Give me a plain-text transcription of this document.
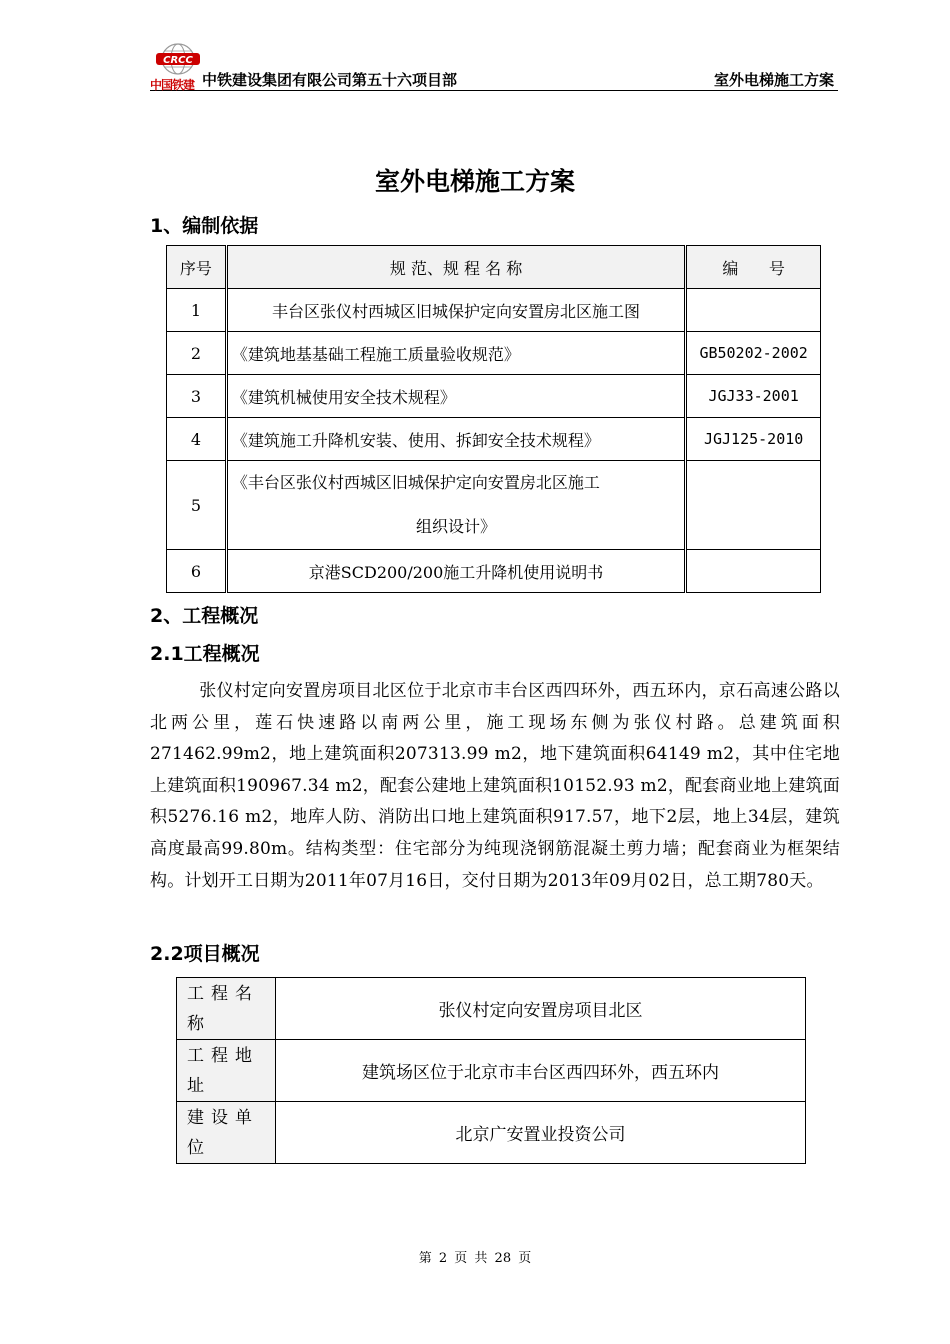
CRCC
中国铁建 中铁建设集团有限公司第五十六项目部	室外电梯施工方案
室外电梯施工方案
1、编制依据
序号	规 范、规 程 名 称	编      号
1	丰台区张仪村西城区旧城保护定向安置房北区施工图	
2	《建筑地基基础工程施工质量验收规范》	GB50202-2002
3	《建筑机械使用安全技术规程》	JGJ33-2001
4	《建筑施工升降机安装、使用、拆卸安全技术规程》	JGJ125-2010
5	《丰台区张仪村西城区旧城保护定向安置房北区施工
组织设计》	

6	京港SCD200/200施工升降机使用说明书	
2、工程概况
2.1工程概况
张仪村定向安置房项目北区位于北京市丰台区西四环外，西五环内，京石高速公路以北两公里，莲石快速路以南两公里，施工现场东侧为张仪村路。总建筑面积271462.99m2，地上建筑面积207313.99 m2，地下建筑面积64149 m2，其中住宅地上建筑面积190967.34 m2，配套公建地上建筑面积10152.93 m2，配套商业地上建筑面积5276.16 m2，地库人防、消防出口地上建筑面积917.57，地下2层，地上34层，建筑高度最高99.80m。结构类型：住宅部分为纯现浇钢筋混凝土剪力墙；配套商业为框架结构。计划开工日期为2011年07月16日，交付日期为2013年09月02日，总工期780天。
2.2项目概况
工程名称	张仪村定向安置房项目北区
工程地址	建筑场区位于北京市丰台区西四环外，西五环内
建设单位	北京广安置业投资公司
第 2 页 共 28 页
